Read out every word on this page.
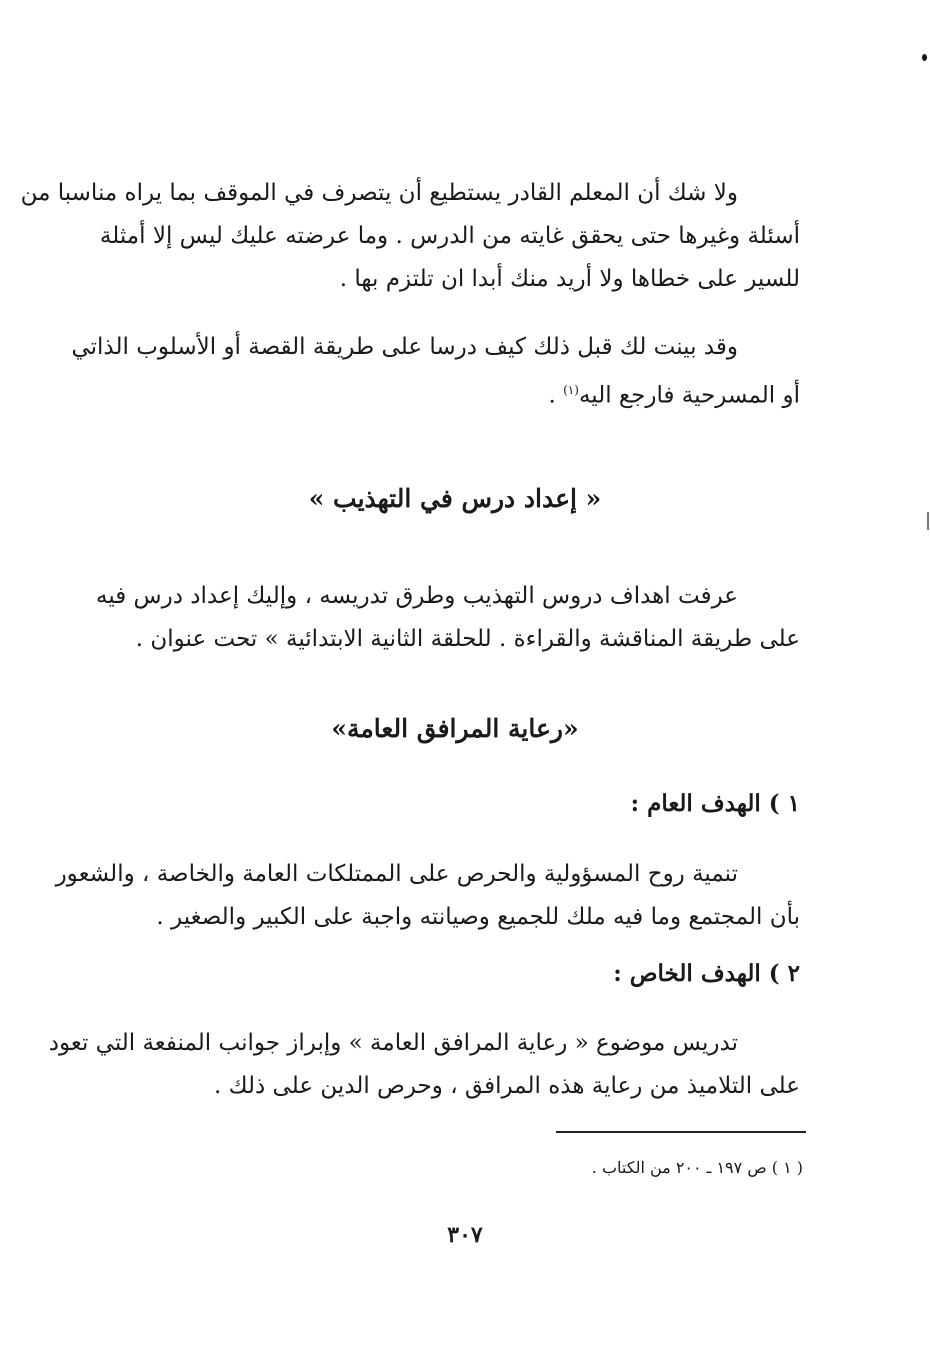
ولا شك أن المعلم القادر يستطيع أن يتصرف في الموقف بما يراه مناسبا من
أسئلة وغيرها حتى يحقق غايته من الدرس . وما عرضته عليك ليس إلا أمثلة
للسير على خطاها ولا أريد منك أبدا ان تلتزم بها .
وقد بينت لك قبل ذلك كيف درسا على طريقة القصة أو الأسلوب الذاتي
أو المسرحية فارجع اليه$^{(١)}$ .
« إعداد درس في التهذيب »
عرفت اهداف دروس التهذيب وطرق تدريسه ، وإليك إعداد درس فيه
على طريقة المناقشة والقراءة . للحلقة الثانية الابتدائية » تحت عنوان .
«رعاية المرافق العامة»
١ ) الهدف العام :
تنمية روح المسؤولية والحرص على الممتلكات العامة والخاصة ، والشعور
بأن المجتمع وما فيه ملك للجميع وصيانته واجبة على الكبير والصغير .
٢ ) الهدف الخاص :
تدريس موضوع « رعاية المرافق العامة » وإبراز جوانب المنفعة التي تعود
على التلاميذ من رعاية هذه المرافق ، وحرص الدين على ذلك .
( ١ ) ص ١٩٧ ـ ٢٠٠ من الكتاب .
٣٠٧
